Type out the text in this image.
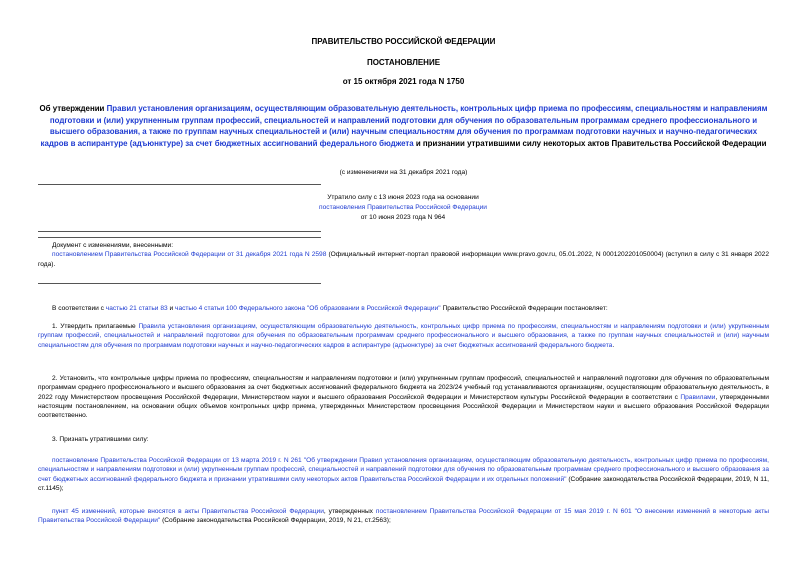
ПРАВИТЕЛЬСТВО РОССИЙСКОЙ ФЕДЕРАЦИИ
ПОСТАНОВЛЕНИЕ
от 15 октября 2021 года N 1750
Об утверждении Правил установления организациям, осуществляющим образовательную деятельность, контрольных цифр приема по профессиям, специальностям и направлениям подготовки и (или) укрупненным группам профессий, специальностей и направлений подготовки для обучения по образовательным программам среднего профессионального и высшего образования, а также по группам научных специальностей и (или) научным специальностям для обучения по программам подготовки научных и научно-педагогических кадров в аспирантуре (адъюнктуре) за счет бюджетных ассигнований федерального бюджета и признании утратившими силу некоторых актов Правительства Российской Федерации
(с изменениями на 31 декабря 2021 года)
Утратило силу с 13 июня 2023 года на основании
постановления Правительства Российской Федерации
от 10 июня 2023 года N 964
Документ с изменениями, внесенными:
постановлением Правительства Российской Федерации от 31 декабря 2021 года N 2598 (Официальный интернет-портал правовой информации www.pravo.gov.ru, 05.01.2022, N 0001202201050004) (вступил в силу с 31 января 2022 года).
В соответствии с частью 21 статьи 83 и частью 4 статьи 100 Федерального закона "Об образовании в Российской Федерации" Правительство Российской Федерации постановляет:
1. Утвердить прилагаемые Правила установления организациям, осуществляющим образовательную деятельность, контрольных цифр приема по профессиям, специальностям и направлениям подготовки и (или) укрупненным группам профессий, специальностей и направлений подготовки для обучения по образовательным программам среднего профессионального и высшего образования, а также по группам научных специальностей и (или) научным специальностям для обучения по программам подготовки научных и научно-педагогических кадров в аспирантуре (адъюнктуре) за счет бюджетных ассигнований федерального бюджета.
2. Установить, что контрольные цифры приема по профессиям, специальностям и направлениям подготовки и (или) укрупненным группам профессий, специальностей и направлений подготовки для обучения по образовательным программам среднего профессионального и высшего образования за счет бюджетных ассигнований федерального бюджета на 2023/24 учебный год устанавливаются организациям, осуществляющим образовательную деятельность, в 2022 году Министерством просвещения Российской Федерации, Министерством науки и высшего образования Российской Федерации и Министерством культуры Российской Федерации в соответствии с Правилами, утвержденными настоящим постановлением, на основании общих объемов контрольных цифр приема, утвержденных Министерством просвещения Российской Федерации и Министерством науки и высшего образования Российской Федерации соответственно.
3. Признать утратившими силу:
постановление Правительства Российской Федерации от 13 марта 2019 г. N 261 "Об утверждении Правил установления организациям, осуществляющим образовательную деятельность, контрольных цифр приема по профессиям, специальностям и направлениям подготовки и (или) укрупненным группам профессий, специальностей и направлений подготовки для обучения по образовательным программам среднего профессионального и высшего образования за счет бюджетных ассигнований федерального бюджета и признании утратившими силу некоторых актов Правительства Российской Федерации и их отдельных положений" (Собрание законодательства Российской Федерации, 2019, N 11, ст.1145);
пункт 45 изменений, которые вносятся в акты Правительства Российской Федерации, утвержденных постановлением Правительства Российской Федерации от 15 мая 2019 г. N 601 "О внесении изменений в некоторые акты Правительства Российской Федерации" (Собрание законодательства Российской Федерации, 2019, N 21, ст.2563);
